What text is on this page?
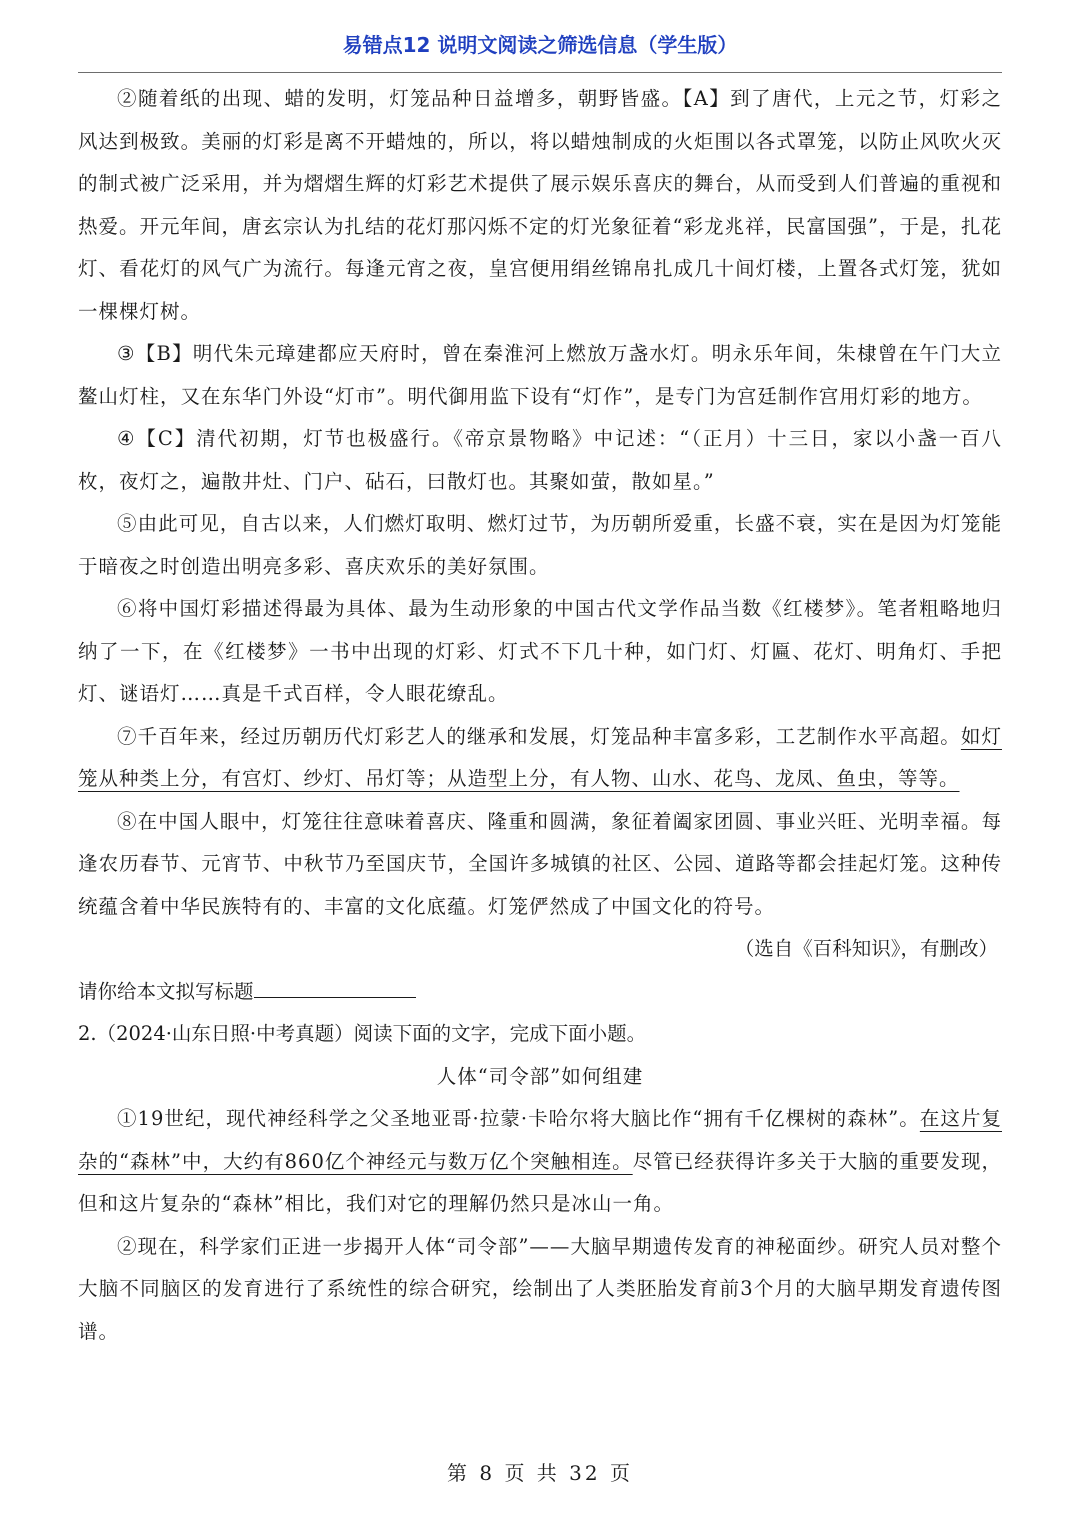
易错点12 说明文阅读之筛选信息（学生版）

②随着纸的出现、蜡的发明，灯笼品种日益增多，朝野皆盛。【A】到了唐代，上元之节，灯彩之风达到极致。美丽的灯彩是离不开蜡烛的，所以，将以蜡烛制成的火炬围以各式罩笼，以防止风吹火灭的制式被广泛采用，并为熠熠生辉的灯彩艺术提供了展示娱乐喜庆的舞台，从而受到人们普遍的重视和热爱。开元年间，唐玄宗认为扎结的花灯那闪烁不定的灯光象征着“彩龙兆祥，民富国强”，于是，扎花灯、看花灯的风气广为流行。每逢元宵之夜，皇宫便用绢丝锦帛扎成几十间灯楼，上置各式灯笼，犹如一棵棵灯树。

③【B】明代朱元璋建都应天府时，曾在秦淮河上燃放万盏水灯。明永乐年间，朱棣曾在午门大立鳌山灯柱，又在东华门外设“灯市”。明代御用监下设有“灯作”，是专门为宫廷制作宫用灯彩的地方。

④【C】清代初期，灯节也极盛行。《帝京景物略》中记述：“（正月）十三日，家以小盏一百八枚，夜灯之，遍散井灶、门户、砧石，曰散灯也。其聚如萤，散如星。”

⑤由此可见，自古以来，人们燃灯取明、燃灯过节，为历朝所爱重，长盛不衰，实在是因为灯笼能于暗夜之时创造出明亮多彩、喜庆欢乐的美好氛围。

⑥将中国灯彩描述得最为具体、最为生动形象的中国古代文学作品当数《红楼梦》。笔者粗略地归纳了一下，在《红楼梦》一书中出现的灯彩、灯式不下几十种，如门灯、灯匾、花灯、明角灯、手把灯、谜语灯……真是千式百样，令人眼花缭乱。

⑦千百年来，经过历朝历代灯彩艺人的继承和发展，灯笼品种丰富多彩，工艺制作水平高超。如灯笼从种类上分，有宫灯、纱灯、吊灯等；从造型上分，有人物、山水、花鸟、龙凤、鱼虫，等等。

⑧在中国人眼中，灯笼往往意味着喜庆、隆重和圆满，象征着阖家团圆、事业兴旺、光明幸福。每逢农历春节、元宵节、中秋节乃至国庆节，全国许多城镇的社区、公园、道路等都会挂起灯笼。这种传统蕴含着中华民族特有的、丰富的文化底蕴。灯笼俨然成了中国文化的符号。

（选自《百科知识》，有删改）

请你给本文拟写标题

2.（2024·山东日照·中考真题）阅读下面的文字，完成下面小题。

人体“司令部”如何组建

①19世纪，现代神经科学之父圣地亚哥·拉蒙·卡哈尔将大脑比作“拥有千亿棵树的森林”。在这片复杂的“森林”中，大约有860亿个神经元与数万亿个突触相连。尽管已经获得许多关于大脑的重要发现，但和这片复杂的“森林”相比，我们对它的理解仍然只是冰山一角。

②现在，科学家们正进一步揭开人体“司令部”——大脑早期遗传发育的神秘面纱。研究人员对整个大脑不同脑区的发育进行了系统性的综合研究，绘制出了人类胚胎发育前3个月的大脑早期发育遗传图谱。

第 8 页 共 32 页
